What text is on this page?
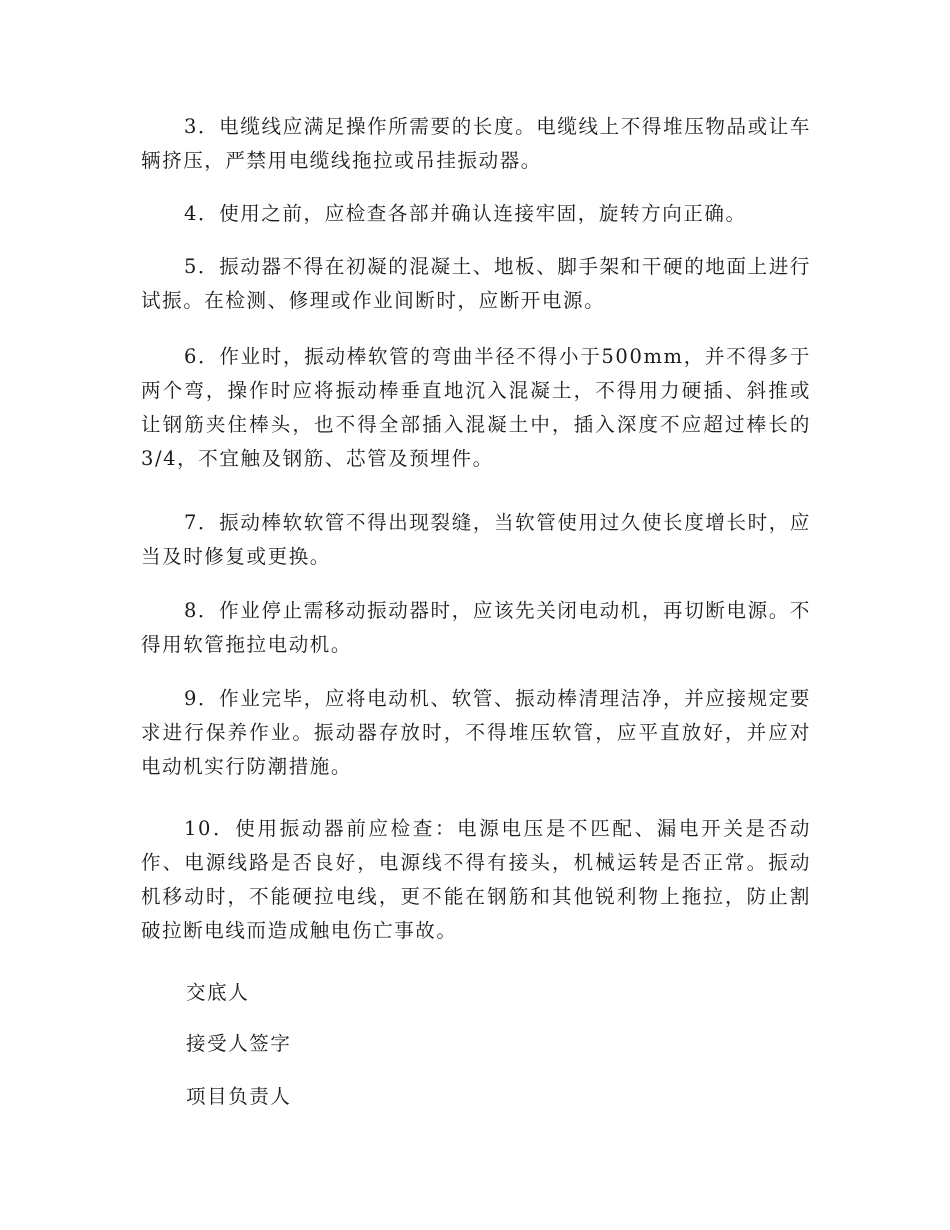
3．电缆线应满足操作所需要的长度。电缆线上不得堆压物品或让车辆挤压，严禁用电缆线拖拉或吊挂振动器。

4．使用之前，应检查各部并确认连接牢固，旋转方向正确。

5．振动器不得在初凝的混凝土、地板、脚手架和干硬的地面上进行试振。在检测、修理或作业间断时，应断开电源。

6．作业时，振动棒软管的弯曲半径不得小于500mm，并不得多于两个弯，操作时应将振动棒垂直地沉入混凝土，不得用力硬插、斜推或让钢筋夹住棒头，也不得全部插入混凝土中，插入深度不应超过棒长的3/4，不宜触及钢筋、芯管及预埋件。

7．振动棒软软管不得出现裂缝，当软管使用过久使长度增长时，应当及时修复或更换。

8．作业停止需移动振动器时，应该先关闭电动机，再切断电源。不得用软管拖拉电动机。

9．作业完毕，应将电动机、软管、振动棒清理洁净，并应接规定要求进行保养作业。振动器存放时，不得堆压软管，应平直放好，并应对电动机实行防潮措施。

10．使用振动器前应检查：电源电压是不匹配、漏电开关是否动作、电源线路是否良好，电源线不得有接头，机械运转是否正常。振动机移动时，不能硬拉电线，更不能在钢筋和其他锐利物上拖拉，防止割破拉断电线而造成触电伤亡事故。

交底人

接受人签字

项目负责人
